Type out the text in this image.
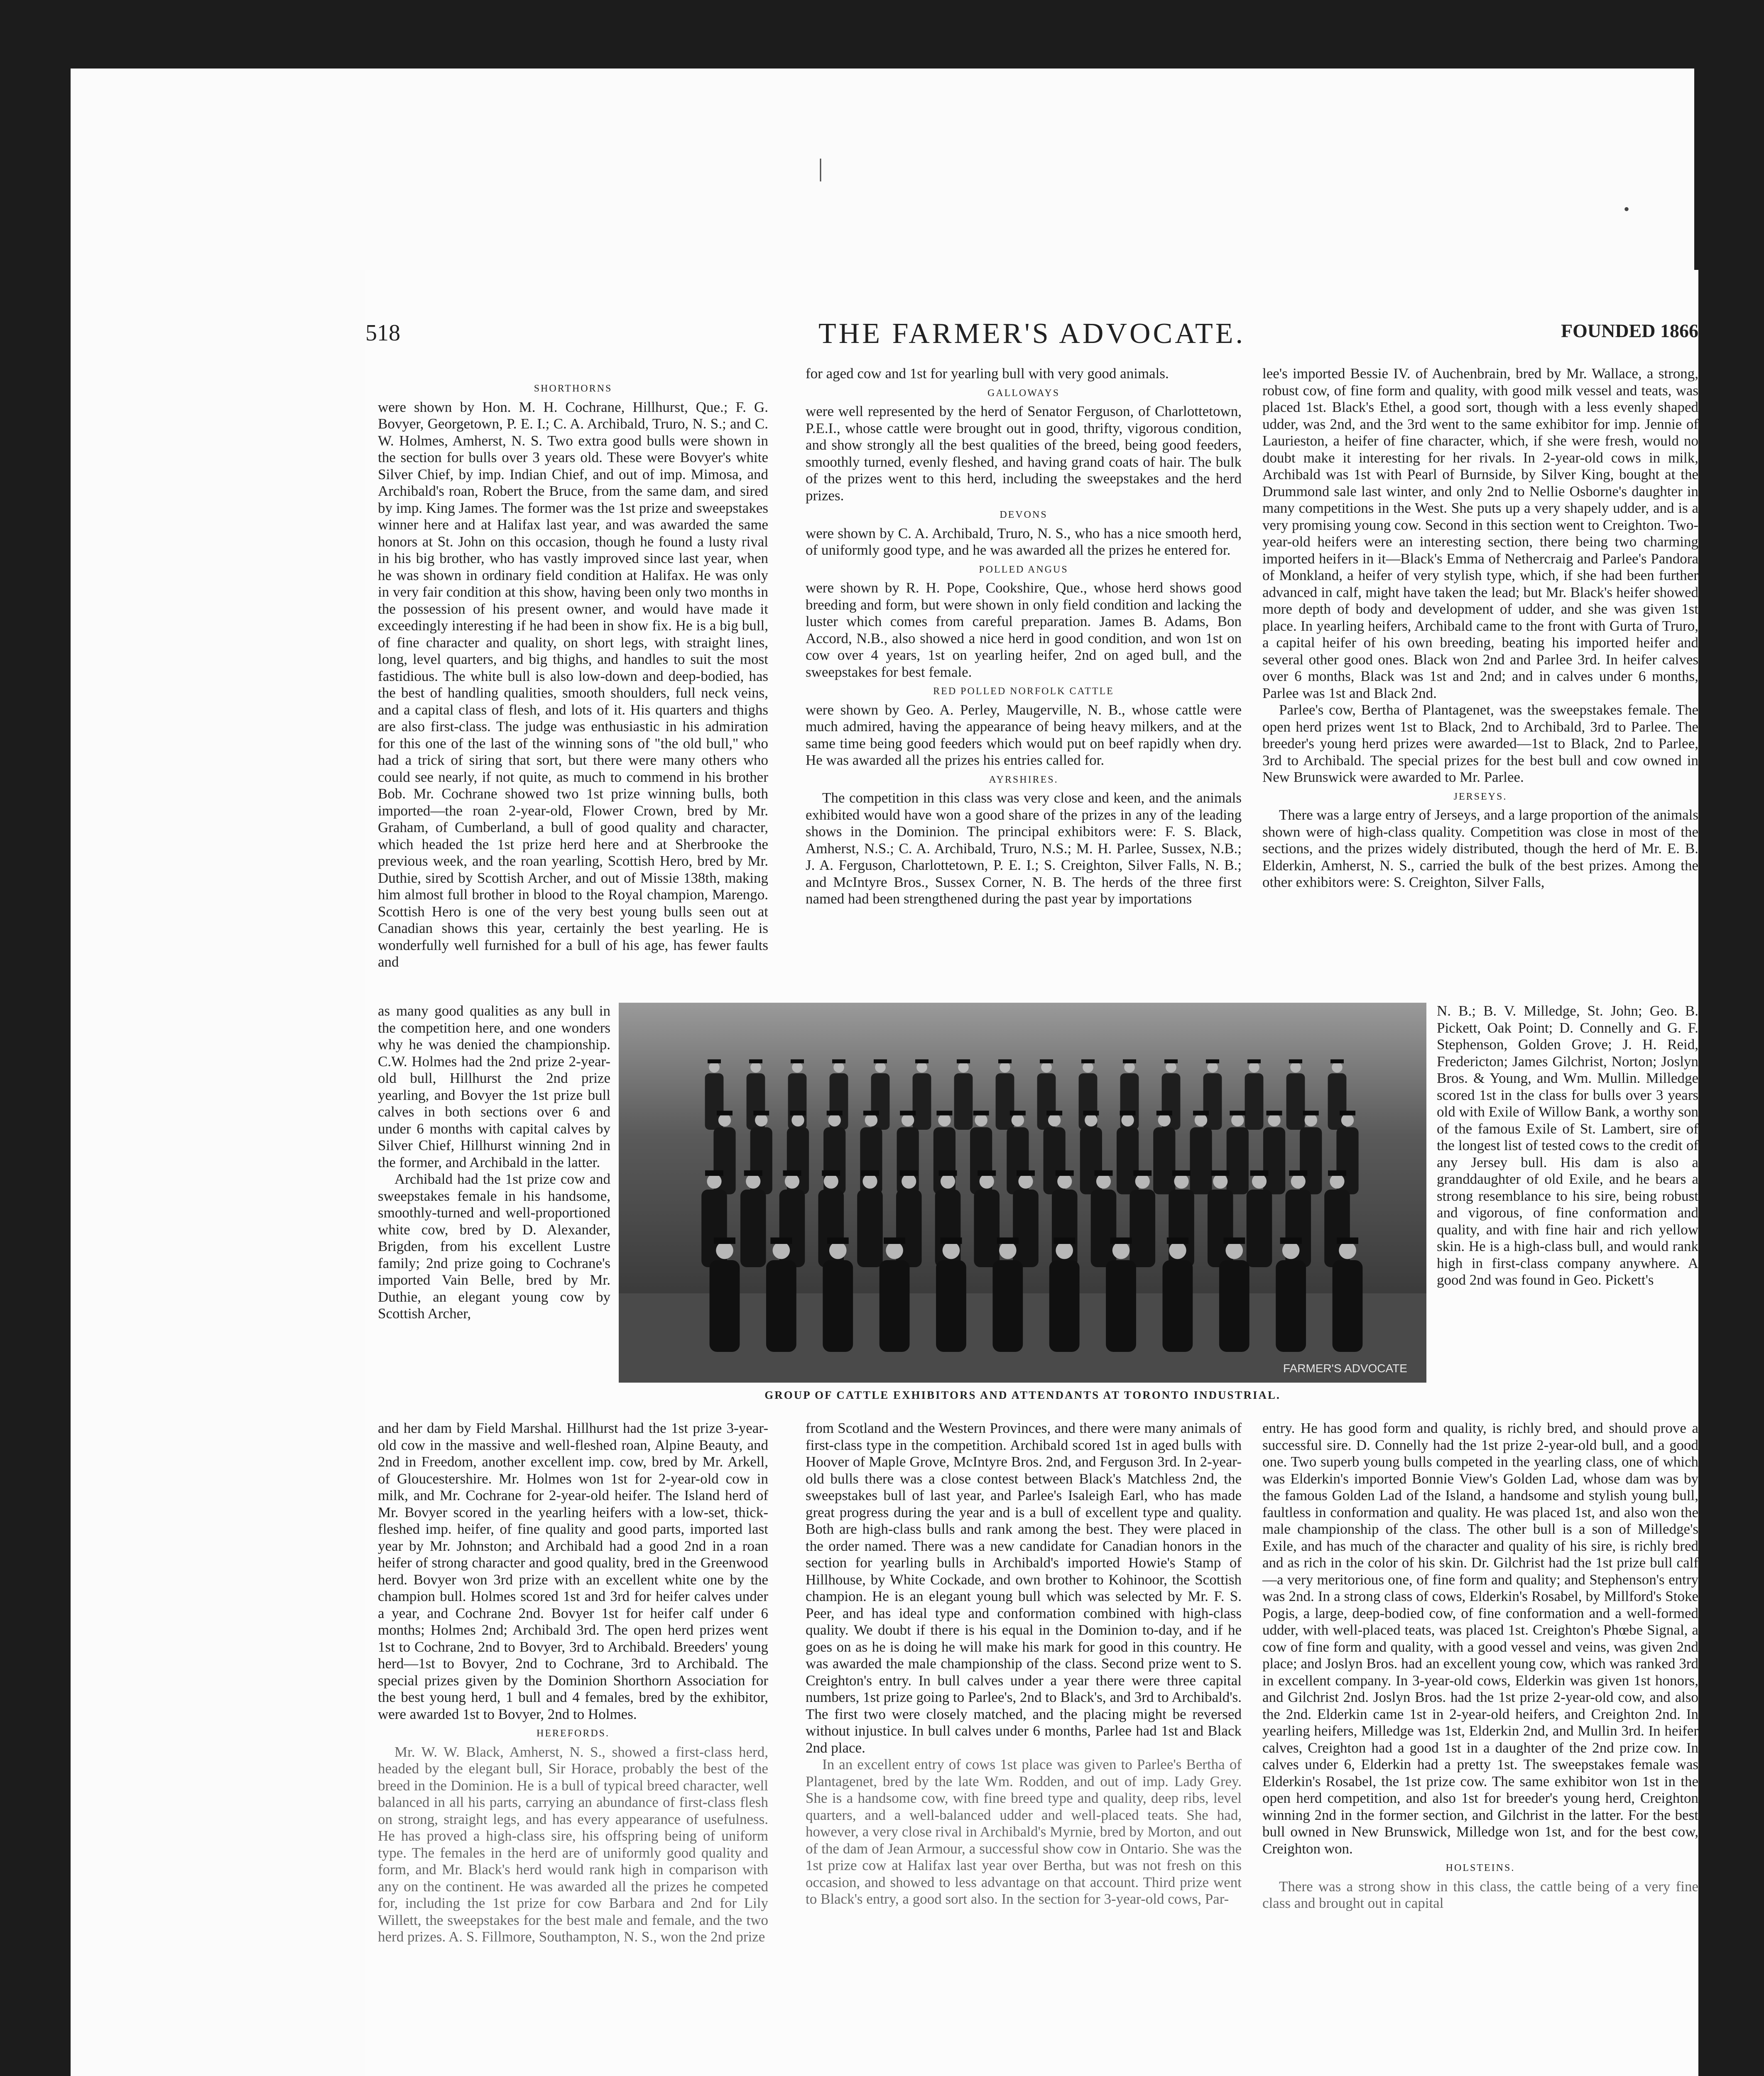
|
•
518	THE FARMER'S ADVOCATE.	FOUNDED 1866
SHORTHORNS

were shown by Hon. M. H. Cochrane, Hillhurst, Que.; F. G. Bovyer, Georgetown, P. E. I.; C. A. Archibald, Truro, N. S.; and C. W. Holmes, Amherst, N. S. Two extra good bulls were shown in the section for bulls over 3 years old. These were Bovyer's white Silver Chief, by imp. Indian Chief, and out of imp. Mimosa, and Archibald's roan, Robert the Bruce, from the same dam, and sired by imp. King James. The former was the 1st prize and sweepstakes winner here and at Halifax last year, and was awarded the same honors at St. John on this occasion, though he found a lusty rival in his big brother, who has vastly improved since last year, when he was shown in ordinary field condition at Halifax. He was only in very fair condition at this show, having been only two months in the possession of his present owner, and would have made it exceedingly interesting if he had been in show fix. He is a big bull, of fine character and quality, on short legs, with straight lines, long, level quarters, and big thighs, and handles to suit the most fastidious. The white bull is also low-down and deep-bodied, has the best of handling qualities, smooth shoulders, full neck veins, and a capital class of flesh, and lots of it. His quarters and thighs are also first-class. The judge was enthusiastic in his admiration for this one of the last of the winning sons of "the old bull," who had a trick of siring that sort, but there were many others who could see nearly, if not quite, as much to commend in his brother Bob. Mr. Cochrane showed two 1st prize winning bulls, both imported—the roan 2-year-old, Flower Crown, bred by Mr. Graham, of Cumberland, a bull of good quality and character, which headed the 1st prize herd here and at Sherbrooke the previous week, and the roan yearling, Scottish Hero, bred by Mr. Duthie, sired by Scottish Archer, and out of Missie 138th, making him almost full brother in blood to the Royal champion, Marengo. Scottish Hero is one of the very best young bulls seen out at Canadian shows this year, certainly the best yearling. He is wonderfully well furnished for a bull of his age, has fewer faults and

as many good qualities as any bull in the competition here, and one wonders why he was denied the championship. C.W. Holmes had the 2nd prize 2-year-old bull, Hillhurst the 2nd prize yearling, and Bovyer the 1st prize bull calves in both sections over 6 and under 6 months with capital calves by Silver Chief, Hillhurst winning 2nd in the former, and Archibald in the latter.

Archibald had the 1st prize cow and sweepstakes female in his handsome, smoothly-turned and well-proportioned white cow, bred by D. Alexander, Brigden, from his excellent Lustre family; 2nd prize going to Cochrane's imported Vain Belle, bred by Mr. Duthie, an elegant young cow by Scottish Archer,

and her dam by Field Marshal. Hillhurst had the 1st prize 3-year-old cow in the massive and well-fleshed roan, Alpine Beauty, and 2nd in Freedom, another excellent imp. cow, bred by Mr. Arkell, of Gloucestershire. Mr. Holmes won 1st for 2-year-old cow in milk, and Mr. Cochrane for 2-year-old heifer. The Island herd of Mr. Bovyer scored in the yearling heifers with a low-set, thick-fleshed imp. heifer, of fine quality and good parts, imported last year by Mr. Johnston; and Archibald had a good 2nd in a roan heifer of strong character and good quality, bred in the Greenwood herd. Bovyer won 3rd prize with an excellent white one by the champion bull. Holmes scored 1st and 3rd for heifer calves under a year, and Cochrane 2nd. Bovyer 1st for heifer calf under 6 months; Holmes 2nd; Archibald 3rd. The open herd prizes went 1st to Cochrane, 2nd to Bovyer, 3rd to Archibald. Breeders' young herd—1st to Bovyer, 2nd to Cochrane, 3rd to Archibald. The special prizes given by the Dominion Shorthorn Association for the best young herd, 1 bull and 4 females, bred by the exhibitor, were awarded 1st to Bovyer, 2nd to Holmes.

HEREFORDS.

Mr. W. W. Black, Amherst, N. S., showed a first-class herd, headed by the elegant bull, Sir Horace, probably the best of the breed in the Dominion. He is a bull of typical breed character, well balanced in all his parts, carrying an abundance of first-class flesh on strong, straight legs, and has every appearance of usefulness. He has proved a high-class sire, his offspring being of uniform type. The females in the herd are of uniformly good quality and form, and Mr. Black's herd would rank high in comparison with any on the continent. He was awarded all the prizes he competed for, including the 1st prize for cow Barbara and 2nd for Lily Willett, the sweepstakes for the best male and female, and the two herd prizes. A. S. Fillmore, Southampton, N. S., won the 2nd prize

for aged cow and 1st for yearling bull with very good animals.

GALLOWAYS

were well represented by the herd of Senator Ferguson, of Charlottetown, P.E.I., whose cattle were brought out in good, thrifty, vigorous condition, and show strongly all the best qualities of the breed, being good feeders, smoothly turned, evenly fleshed, and having grand coats of hair. The bulk of the prizes went to this herd, including the sweepstakes and the herd prizes.

DEVONS

were shown by C. A. Archibald, Truro, N. S., who has a nice smooth herd, of uniformly good type, and he was awarded all the prizes he entered for.

POLLED ANGUS

were shown by R. H. Pope, Cookshire, Que., whose herd shows good breeding and form, but were shown in only field condition and lacking the luster which comes from careful preparation. James B. Adams, Bon Accord, N.B., also showed a nice herd in good condition, and won 1st on cow over 4 years, 1st on yearling heifer, 2nd on aged bull, and the sweepstakes for best female.

RED POLLED NORFOLK CATTLE

were shown by Geo. A. Perley, Maugerville, N. B., whose cattle were much admired, having the appearance of being heavy milkers, and at the same time being good feeders which would put on beef rapidly when dry. He was awarded all the prizes his entries called for.

AYRSHIRES.

The competition in this class was very close and keen, and the animals exhibited would have won a good share of the prizes in any of the leading shows in the Dominion. The principal exhibitors were: F. S. Black, Amherst, N.S.; C. A. Archibald, Truro, N.S.; M. H. Parlee, Sussex, N.B.; J. A. Ferguson, Charlottetown, P. E. I.; S. Creighton, Silver Falls, N. B.; and McIntyre Bros., Sussex Corner, N. B. The herds of the three first named had been strengthened during the past year by importations

from Scotland and the Western Provinces, and there were many animals of first-class type in the competition. Archibald scored 1st in aged bulls with Hoover of Maple Grove, McIntyre Bros. 2nd, and Ferguson 3rd. In 2-year-old bulls there was a close contest between Black's Matchless 2nd, the sweepstakes bull of last year, and Parlee's Isaleigh Earl, who has made great progress during the year and is a bull of excellent type and quality. Both are high-class bulls and rank among the best. They were placed in the order named. There was a new candidate for Canadian honors in the section for yearling bulls in Archibald's imported Howie's Stamp of Hillhouse, by White Cockade, and own brother to Kohinoor, the Scottish champion. He is an elegant young bull which was selected by Mr. F. S. Peer, and has ideal type and conformation combined with high-class quality. We doubt if there is his equal in the Dominion to-day, and if he goes on as he is doing he will make his mark for good in this country. He was awarded the male championship of the class. Second prize went to S. Creighton's entry. In bull calves under a year there were three capital numbers, 1st prize going to Parlee's, 2nd to Black's, and 3rd to Archibald's. The first two were closely matched, and the placing might be reversed without injustice. In bull calves under 6 months, Parlee had 1st and Black 2nd place.

In an excellent entry of cows 1st place was given to Parlee's Bertha of Plantagenet, bred by the late Wm. Rodden, and out of imp. Lady Grey. She is a handsome cow, with fine breed type and quality, deep ribs, level quarters, and a well-balanced udder and well-placed teats. She had, however, a very close rival in Archibald's Myrnie, bred by Morton, and out of the dam of Jean Armour, a successful show cow in Ontario. She was the 1st prize cow at Halifax last year over Bertha, but was not fresh on this occasion, and showed to less advantage on that account. Third prize went to Black's entry, a good sort also. In the section for 3-year-old cows, Par-

lee's imported Bessie IV. of Auchenbrain, bred by Mr. Wallace, a strong, robust cow, of fine form and quality, with good milk vessel and teats, was placed 1st. Black's Ethel, a good sort, though with a less evenly shaped udder, was 2nd, and the 3rd went to the same exhibitor for imp. Jennie of Laurieston, a heifer of fine character, which, if she were fresh, would no doubt make it interesting for her rivals. In 2-year-old cows in milk, Archibald was 1st with Pearl of Burnside, by Silver King, bought at the Drummond sale last winter, and only 2nd to Nellie Osborne's daughter in many competitions in the West. She puts up a very shapely udder, and is a very promising young cow. Second in this section went to Creighton. Two-year-old heifers were an interesting section, there being two charming imported heifers in it—Black's Emma of Nethercraig and Parlee's Pandora of Monkland, a heifer of very stylish type, which, if she had been further advanced in calf, might have taken the lead; but Mr. Black's heifer showed more depth of body and development of udder, and she was given 1st place. In yearling heifers, Archibald came to the front with Gurta of Truro, a capital heifer of his own breeding, beating his imported heifer and several other good ones. Black won 2nd and Parlee 3rd. In heifer calves over 6 months, Black was 1st and 2nd; and in calves under 6 months, Parlee was 1st and Black 2nd.

Parlee's cow, Bertha of Plantagenet, was the sweepstakes female. The open herd prizes went 1st to Black, 2nd to Archibald, 3rd to Parlee. The breeder's young herd prizes were awarded—1st to Black, 2nd to Parlee, 3rd to Archibald. The special prizes for the best bull and cow owned in New Brunswick were awarded to Mr. Parlee.

JERSEYS.

There was a large entry of Jerseys, and a large proportion of the animals shown were of high-class quality. Competition was close in most of the sections, and the prizes widely distributed, though the herd of Mr. E. B. Elderkin, Amherst, N. S., carried the bulk of the best prizes. Among the other exhibitors were: S. Creighton, Silver Falls,

N. B.; B. V. Milledge, St. John; Geo. B. Pickett, Oak Point; D. Connelly and G. F. Stephenson, Golden Grove; J. H. Reid, Fredericton; James Gilchrist, Norton; Joslyn Bros. & Young, and Wm. Mullin. Milledge scored 1st in the class for bulls over 3 years old with Exile of Willow Bank, a worthy son of the famous Exile of St. Lambert, sire of the longest list of tested cows to the credit of any Jersey bull. His dam is also a granddaughter of old Exile, and he bears a strong resemblance to his sire, being robust and vigorous, of fine conformation and quality, and with fine hair and rich yellow skin. He is a high-class bull, and would rank high in first-class company anywhere. A good 2nd was found in Geo. Pickett's

entry. He has good form and quality, is richly bred, and should prove a successful sire. D. Connelly had the 1st prize 2-year-old bull, and a good one. Two superb young bulls competed in the yearling class, one of which was Elderkin's imported Bonnie View's Golden Lad, whose dam was by the famous Golden Lad of the Island, a handsome and stylish young bull, faultless in conformation and quality. He was placed 1st, and also won the male championship of the class. The other bull is a son of Milledge's Exile, and has much of the character and quality of his sire, is richly bred and as rich in the color of his skin. Dr. Gilchrist had the 1st prize bull calf—a very meritorious one, of fine form and quality; and Stephenson's entry was 2nd. In a strong class of cows, Elderkin's Rosabel, by Millford's Stoke Pogis, a large, deep-bodied cow, of fine conformation and a well-formed udder, with well-placed teats, was placed 1st. Creighton's Phœbe Signal, a cow of fine form and quality, with a good vessel and veins, was given 2nd place; and Joslyn Bros. had an excellent young cow, which was ranked 3rd in excellent company. In 3-year-old cows, Elderkin was given 1st honors, and Gilchrist 2nd. Joslyn Bros. had the 1st prize 2-year-old cow, and also the 2nd. Elderkin came 1st in 2-year-old heifers, and Creighton 2nd. In yearling heifers, Milledge was 1st, Elderkin 2nd, and Mullin 3rd. In heifer calves, Creighton had a good 1st in a daughter of the 2nd prize cow. In calves under 6, Elderkin had a pretty 1st. The sweepstakes female was Elderkin's Rosabel, the 1st prize cow. The same exhibitor won 1st in the open herd competition, and also 1st for breeder's young herd, Creighton winning 2nd in the former section, and Gilchrist in the latter. For the best bull owned in New Brunswick, Milledge won 1st, and for the best cow, Creighton won.

HOLSTEINS.

There was a strong show in this class, the cattle being of a very fine class and brought out in capital

FARMER'S ADVOCATE
GROUP OF CATTLE EXHIBITORS AND ATTENDANTS AT TORONTO INDUSTRIAL.
